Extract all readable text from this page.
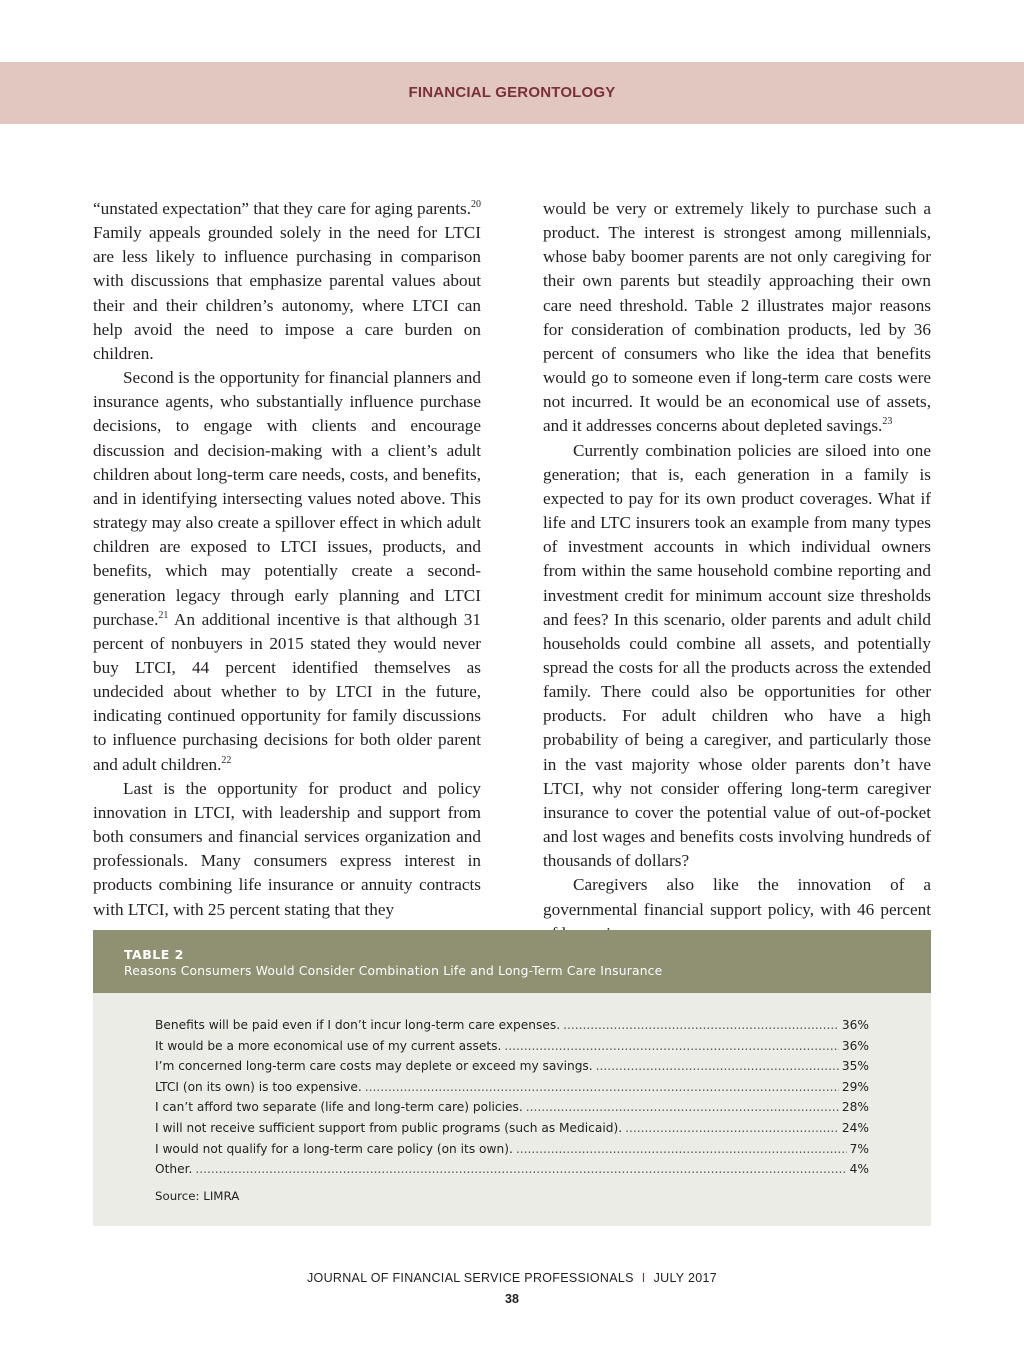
FINANCIAL GERONTOLOGY

“unstated expectation” that they care for aging parents.$^{20}$ Family appeals grounded solely in the need for LTCI are less likely to influence purchasing in comparison with discussions that emphasize parental values about their and their children’s autonomy, where LTCI can help avoid the need to impose a care burden on children.

Second is the opportunity for financial planners and insurance agents, who substantially influence purchase decisions, to engage with clients and encourage discussion and decision-making with a client’s adult children about long-term care needs, costs, and benefits, and in identifying intersecting values noted above. This strategy may also create a spillover effect in which adult children are exposed to LTCI issues, products, and benefits, which may potentially create a second-generation legacy through early planning and LTCI purchase.$^{21}$ An additional incentive is that although 31 percent of nonbuyers in 2015 stated they would never buy LTCI, 44 percent identified themselves as undecided about whether to by LTCI in the future, indicating continued opportunity for family discussions to influence purchasing decisions for both older parent and adult children.$^{22}$

Last is the opportunity for product and policy innovation in LTCI, with leadership and support from both consumers and financial services organization and professionals. Many consumers express interest in products combining life insurance or annuity contracts with LTCI, with 25 percent stating that they

would be very or extremely likely to purchase such a product. The interest is strongest among millennials, whose baby boomer parents are not only caregiving for their own parents but steadily approaching their own care need threshold. Table 2 illustrates major reasons for consideration of combination products, led by 36 percent of consumers who like the idea that benefits would go to someone even if long-term care costs were not incurred. It would be an economical use of assets, and it addresses concerns about depleted savings.$^{23}$

Currently combination policies are siloed into one generation; that is, each generation in a family is expected to pay for its own product coverages. What if life and LTC insurers took an example from many types of investment accounts in which individual owners from within the same household combine reporting and investment credit for minimum account size thresholds and fees? In this scenario, older parents and adult child households could combine all assets, and potentially spread the costs for all the products across the extended family. There could also be opportunities for other products. For adult children who have a high probability of being a caregiver, and particularly those in the vast majority whose older parents don’t have LTCI, why not consider offering long-term caregiver insurance to cover the potential value of out-of-pocket and lost wages and benefits costs involving hundreds of thousands of dollars?

Caregivers also like the innovation of a governmental financial support policy, with 46 percent

TABLE 2
Reasons Consumers Would Consider Combination Life and Long-Term Care Insurance
Benefits will be paid even if I don’t incur long-term care expenses. .....	36%
It would be a more economical use of my current assets. .....	36%
I’m concerned long-term care costs may deplete or exceed my savings. .....	35%
LTCI (on its own) is too expensive. .....	29%
I can’t afford two separate (life and long-term care) policies. .....	28%
I will not receive sufficient support from public programs (such as Medicaid). .....	24%
I would not qualify for a long-term care policy (on its own). .....	7%
Other. .....	4%
Source: LIMRA
JOURNAL OF FINANCIAL SERVICE PROFESSIONALS I JULY 2017
38
